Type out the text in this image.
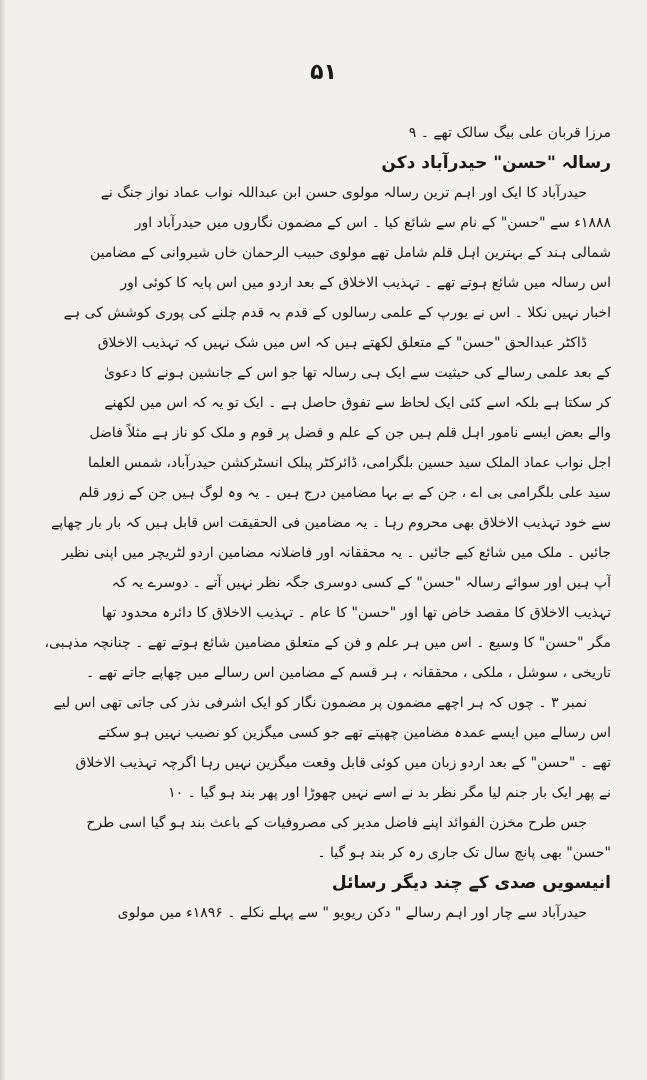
۵۱
مرزا قربان علی بیگ سالک تھے ۔ ۹
رسالہ "حسن" حیدرآباد دکن
حیدرآباد کا ایک اور اہم ترین رسالہ مولوی حسن ابن عبداللہ نواب عماد نواز جنگ نے
۱۸۸۸ء سے "حسن" کے نام سے شائع کیا ۔ اس کے مضمون نگاروں میں حیدرآباد اور
شمالی ہند کے بہترین اہل قلم شامل تھے مولوی حبیب الرحمان خاں شیروانی کے مضامین
اس رسالہ میں شائع ہوتے تھے ۔ تہذیب الاخلاق کے بعد اردو میں اس پایہ کا کوئی اور
اخبار نہیں نکلا ۔ اس نے یورپ کے علمی رسالوں کے قدم بہ قدم چلنے کی پوری کوشش کی ہے
ڈاکٹر عبدالحق "حسن" کے متعلق لکھتے ہیں کہ اس میں شک نہیں کہ تہذیب الاخلاق
کے بعد علمی رسالے کی حیثیت سے ایک ہی رسالہ تھا جو اس کے جانشین ہونے کا دعویٰ
کر سکتا ہے بلکہ اسے کئی ایک لحاظ سے تفوق حاصل ہے ۔ ایک تو یہ کہ اس میں لکھنے
والے بعض ایسے نامور اہل قلم ہیں جن کے علم و فضل پر قوم و ملک کو ناز ہے مثلاً فاضل
اجل نواب عماد الملک سید حسین بلگرامی، ڈائرکٹر پبلک انسٹرکشن حیدرآباد، شمس العلما
سید علی بلگرامی بی اے ، جن کے بے بہا مضامین درج ہیں ۔ یہ وہ لوگ ہیں جن کے زور قلم
سے خود تہذیب الاخلاق بھی محروم رہا ۔ یہ مضامین فی الحقیقت اس قابل ہیں کہ بار بار چھاپے
جائیں ۔ ملک میں شائع کیے جائیں ۔ یہ محققانہ اور فاضلانہ مضامین اردو لٹریچر میں اپنی نظیر
آپ ہیں اور سوائے رسالہ "حسن" کے کسی دوسری جگہ نظر نہیں آتے ۔ دوسرے یہ کہ
تہذیب الاخلاق کا مقصد خاص تھا اور "حسن" کا عام ۔ تہذیب الاخلاق کا دائرہ محدود تھا
مگر "حسن" کا وسیع ۔ اس میں ہر علم و فن کے متعلق مضامین شائع ہوتے تھے ۔ چنانچہ مذہبی،
تاریخی ، سوشل ، ملکی ، محققانہ ، ہر قسم کے مضامین اس رسالے میں چھاپے جاتے تھے ۔
نمبر ۳ ۔ چوں کہ ہر اچھے مضمون پر مضمون نگار کو ایک اشرفی نذر کی جاتی تھی اس لیے
اس رسالے میں ایسے عمدہ مضامین چھپتے تھے جو کسی میگزین کو نصیب نہیں ہو سکتے
تھے ۔ "حسن" کے بعد اردو زبان میں کوئی قابل وقعت میگزین نہیں رہا اگرچہ تہذیب الاخلاق
نے پھر ایک بار جنم لیا مگر نظر بد نے اسے نہیں چھوڑا اور پھر بند ہو گیا ۔ ۱۰
جس طرح مخزن الفوائد اپنے فاضل مدیر کی مصروفیات کے باعث بند ہو گیا اسی طرح
"حسن" بھی پانچ سال تک جاری رہ کر بند ہو گیا ۔
انیسویں صدی کے چند دیگر رسائل
حیدرآباد سے چار اور اہم رسالے " دکن ریویو " سے پہلے نکلے ۔ ۱۸۹۶ء میں مولوی
